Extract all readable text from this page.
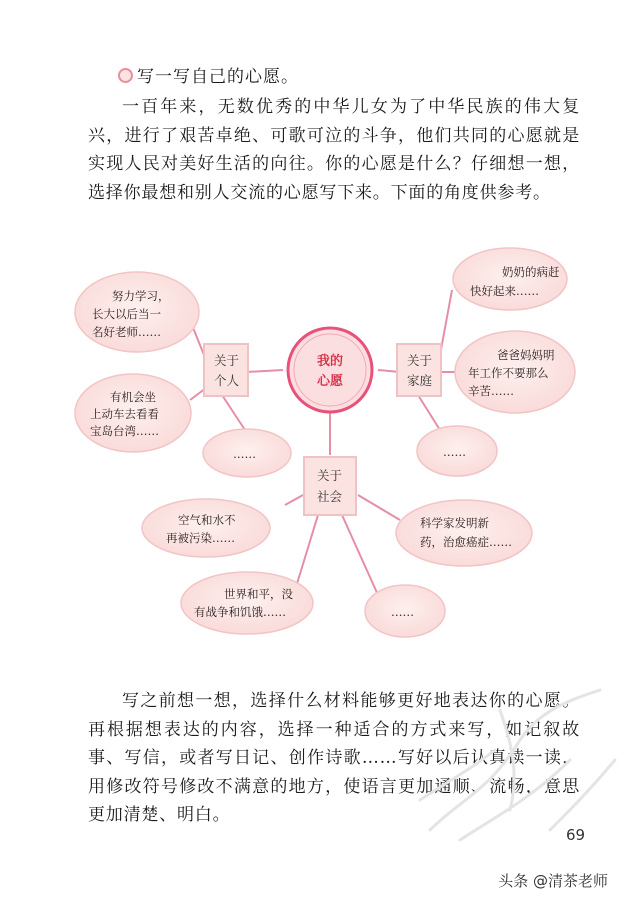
写一写自己的心愿。

一百年来，无数优秀的中华儿女为了中华民族的伟大复兴，进行了艰苦卓绝、可歌可泣的斗争，他们共同的心愿就是实现人民对美好生活的向往。你的心愿是什么？仔细想一想，选择你最想和别人交流的心愿写下来。下面的角度供参考。

努力学习，
长大以后当一
名好老师……
有机会坐
上动车去看看
宝岛台湾……
……
奶奶的病赶
快好起来……
爸爸妈妈明
年工作不要那么
辛苦……
……
空气和水不
再被污染……
科学家发明新
药，治愈癌症……
世界和平，没
有战争和饥饿……	……
关于
个人
关于
家庭
关于
社会
我的
心愿

写之前想一想，选择什么材料能够更好地表达你的心愿。再根据想表达的内容，选择一种适合的方式来写，如记叙故事、写信，或者写日记、创作诗歌……写好以后认真读一读，用修改符号修改不满意的地方，使语言更加通顺、流畅，意思更加清楚、明白。

69
头条 @清茶老师
